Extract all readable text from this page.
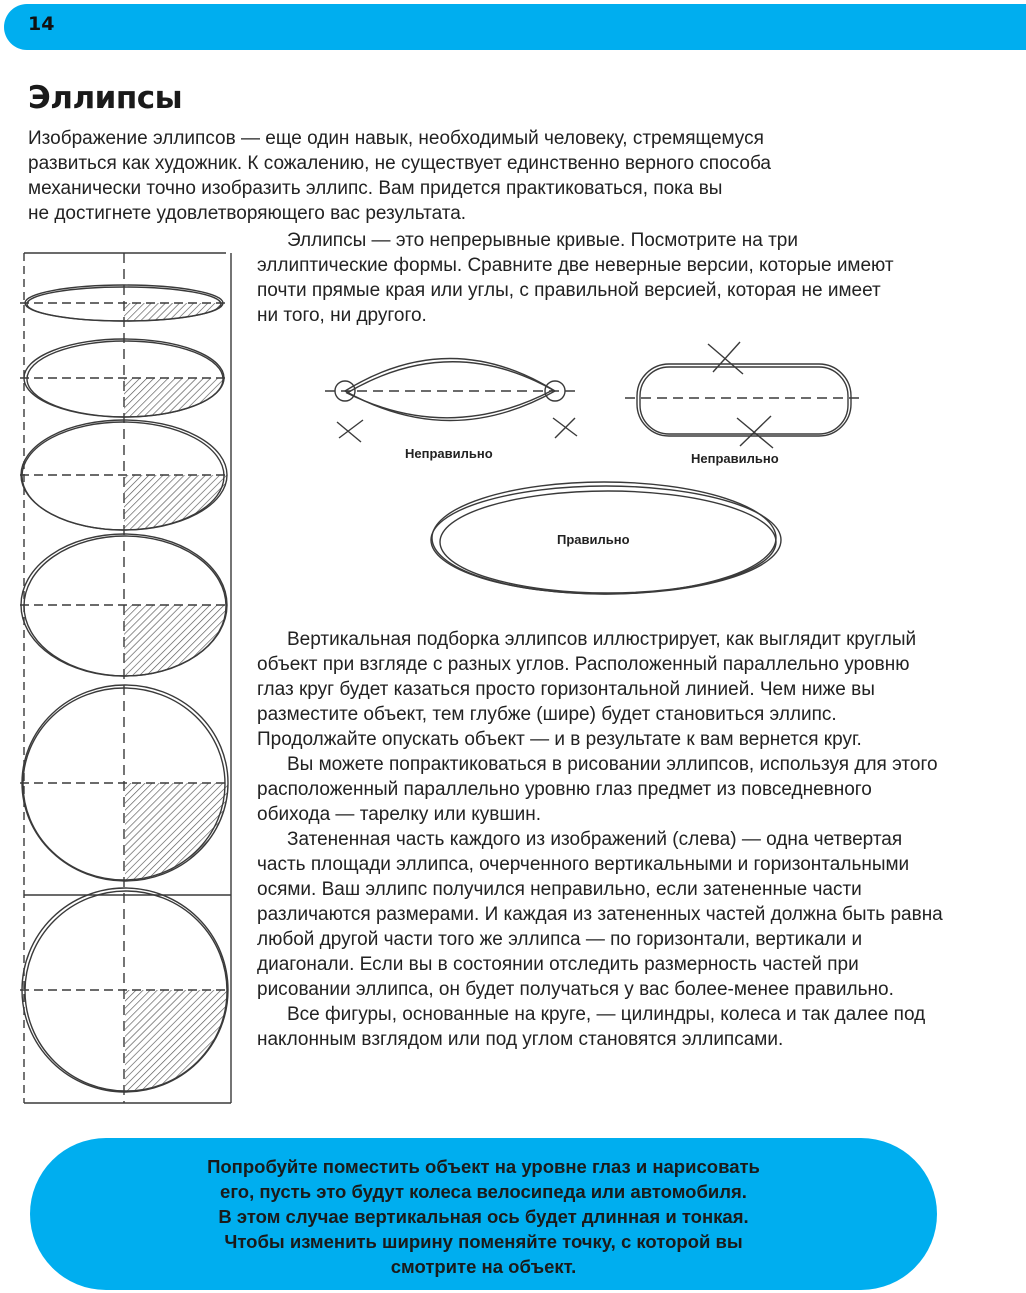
14
Эллипсы
Изображение эллипсов — еще один навык, необходимый человеку, стремящемуся
развиться как художник. К сожалению, не существует единственно верного способа
механически точно изобразить эллипс. Вам придется практиковаться, пока вы
не достигнете удовлетворяющего вас результата.

Эллипсы — это непрерывные кривые. Посмотрите на три эллиптические формы. Сравните две неверные версии, которые имеют почти прямые края или углы, с правильной версией, которая не имеет ни того, ни другого.

Неправильно	Неправильно

Правильно

Вертикальная подборка эллипсов иллюстрирует, как выглядит круглый объект при взгляде с разных углов. Расположенный параллельно уровню глаз круг будет казаться просто горизонтальной линией. Чем ниже вы разместите объект, тем глубже (шире) будет становиться эллипс. Продолжайте опускать объект — и в результате к вам вернется круг.

Вы можете попрактиковаться в рисовании эллипсов, используя для этого расположенный параллельно уровню глаз предмет из повседневного обихода — тарелку или кувшин.

Затененная часть каждого из изображений (слева) — одна четвертая часть площади эллипса, очерченного вертикальными и горизонтальными осями. Ваш эллипс получился неправильно, если затененные части различаются размерами. И каждая из затененных частей должна быть равна любой другой части того же эллипса — по горизонтали, вертикали и диагонали. Если вы в состоянии отследить размерность частей при рисовании эллипса, он будет получаться у вас более-менее правильно.

Все фигуры, основанные на круге, — цилиндры, колеса и так далее под наклонным взглядом или под углом становятся эллипсами.

Попробуйте поместить объект на уровне глаз и нарисовать
его, пусть это будут колеса велосипеда или автомобиля.
В этом случае вертикальная ось будет длинная и тонкая.
Чтобы изменить ширину поменяйте точку, с которой вы
смотрите на объект.
